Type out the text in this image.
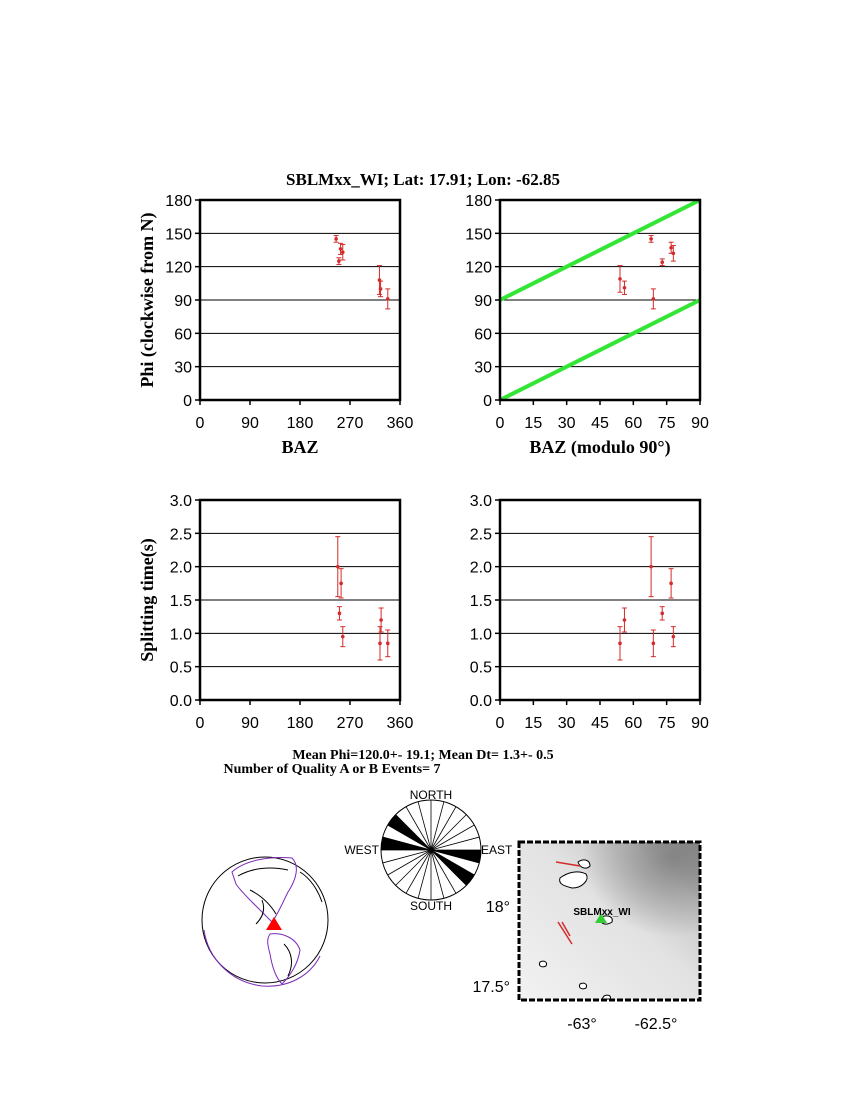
SBLMxx_WI; Lat: 17.91; Lon: -62.85
0
30
60
90
120
150
180
0 90 180 270 360
BAZ
Phi (clockwise from N)
0
30
60
90
120
150
180
0 15 30 45 60 75 90
BAZ (modulo 90°)
0.0
0.5
1.0
1.5
2.0
2.5
3.0
0 90 180 270 360
Splitting time(s)
0.0
0.5
1.0
1.5
2.0
2.5
3.0
0 15 30 45 60 75 90
Mean Phi=120.0+- 19.1; Mean Dt= 1.3+- 0.5
Number of Quality A or B Events= 7
NORTH
SOUTH
EAST
WEST
SBLMxx_WI
18°
17.5°
-63° -62.5°
